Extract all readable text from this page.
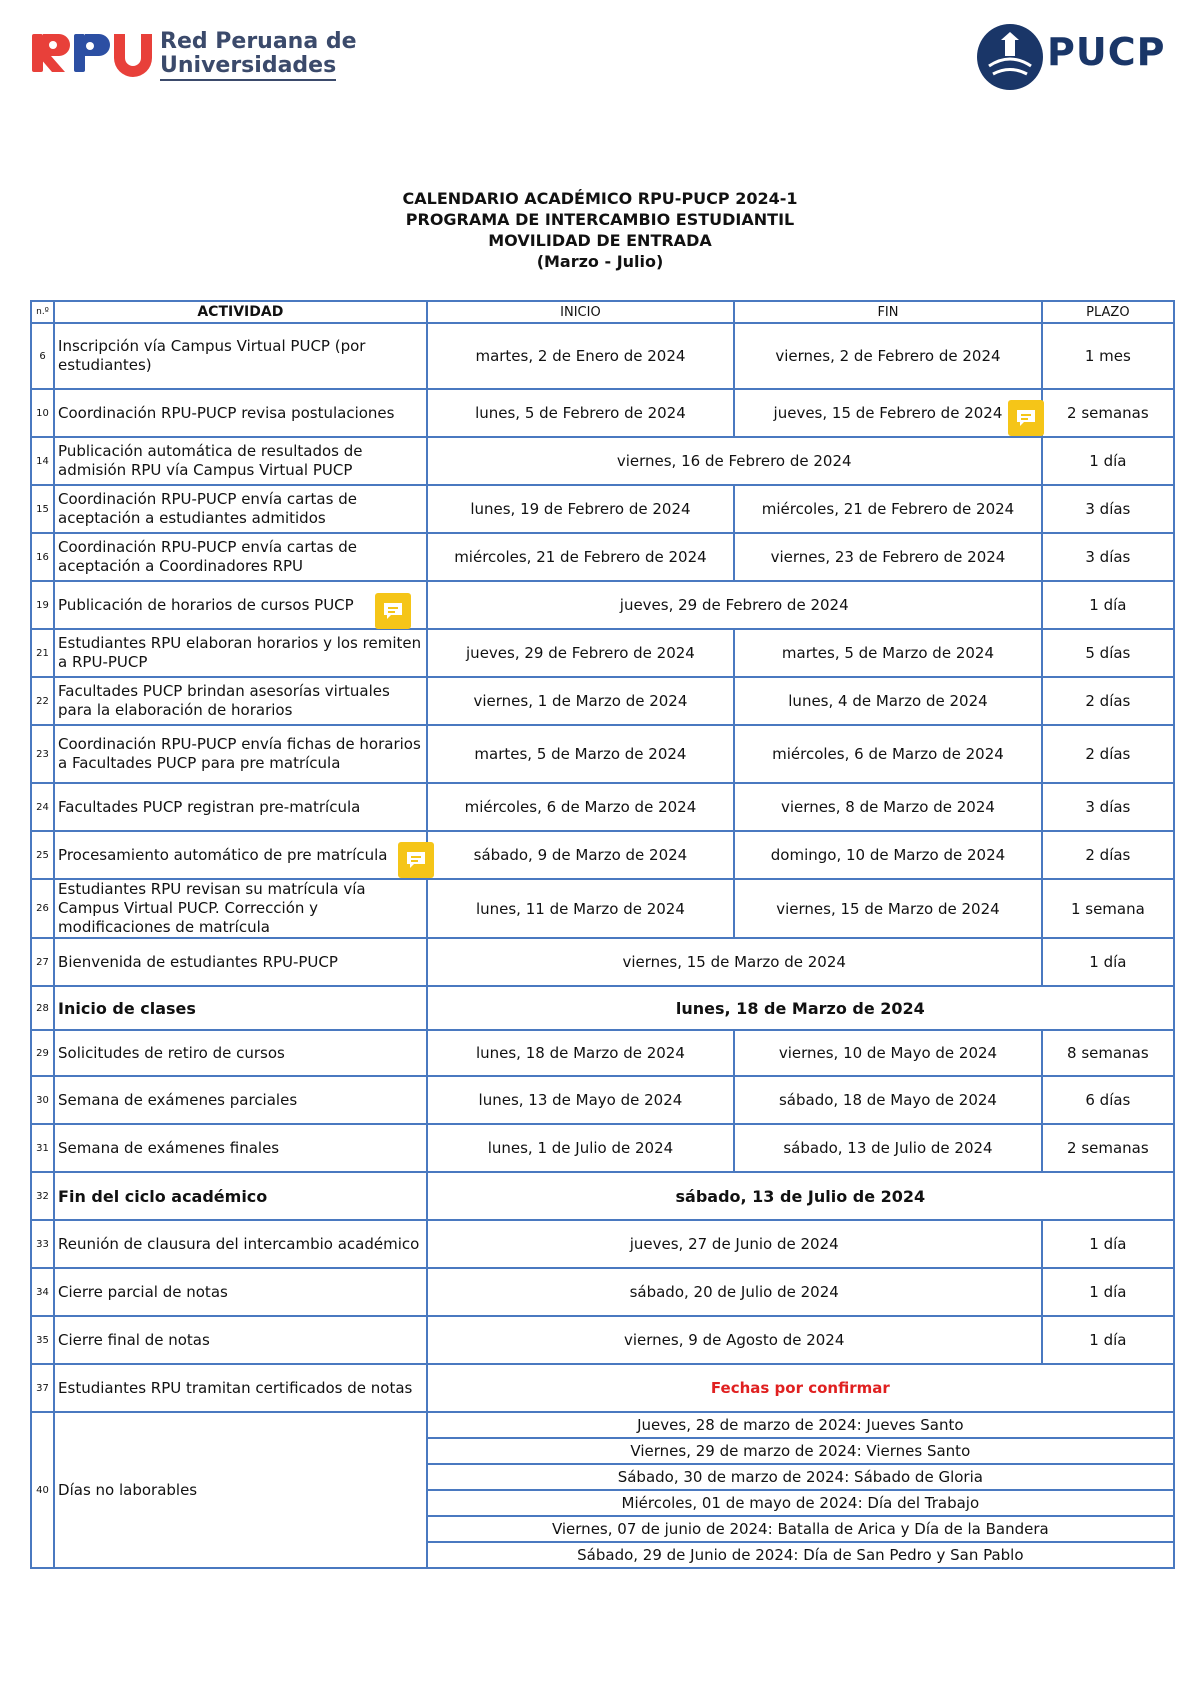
Red Peruana de
Universidades	PUCP
CALENDARIO ACADÉMICO RPU-PUCP 2024-1
PROGRAMA DE INTERCAMBIO ESTUDIANTIL
MOVILIDAD DE ENTRADA
(Marzo - Julio)
n.º	ACTIVIDAD	INICIO	FIN	PLAZO
6	Inscripción vía Campus Virtual PUCP (por estudiantes)	martes, 2 de Enero de 2024	viernes, 2 de Febrero de 2024	1 mes
10	Coordinación RPU-PUCP revisa postulaciones	lunes, 5 de Febrero de 2024	jueves, 15 de Febrero de 2024	2 semanas
14	Publicación automática de resultados de admisión RPU vía Campus Virtual PUCP	viernes, 16 de Febrero de 2024		1 día
15	Coordinación RPU-PUCP envía cartas de aceptación a estudiantes admitidos	lunes, 19 de Febrero de 2024	miércoles, 21 de Febrero de 2024	3 días
16	Coordinación RPU-PUCP envía cartas de aceptación a Coordinadores RPU	miércoles, 21 de Febrero de 2024	viernes, 23 de Febrero de 2024	3 días
19	Publicación de horarios de cursos PUCP	jueves, 29 de Febrero de 2024		1 día
21	Estudiantes RPU elaboran horarios y los remiten a RPU-PUCP	jueves, 29 de Febrero de 2024	martes, 5 de Marzo de 2024	5 días
22	Facultades PUCP brindan asesorías virtuales para la elaboración de horarios	viernes, 1 de Marzo de 2024	lunes, 4 de Marzo de 2024	2 días
23	Coordinación RPU-PUCP envía fichas de horarios a Facultades PUCP para pre matrícula	martes, 5 de Marzo de 2024	miércoles, 6 de Marzo de 2024	2 días
24	Facultades PUCP registran pre-matrícula	miércoles, 6 de Marzo de 2024	viernes, 8 de Marzo de 2024	3 días
25	Procesamiento automático de pre matrícula	sábado, 9 de Marzo de 2024	domingo, 10 de Marzo de 2024	2 días
26	Estudiantes RPU revisan su matrícula vía Campus Virtual PUCP. Corrección y modificaciones de matrícula	lunes, 11 de Marzo de 2024	viernes, 15 de Marzo de 2024	1 semana
27	Bienvenida de estudiantes RPU-PUCP	viernes, 15 de Marzo de 2024		1 día
28	Inicio de clases	lunes, 18 de Marzo de 2024		
29	Solicitudes de retiro de cursos	lunes, 18 de Marzo de 2024	viernes, 10 de Mayo de 2024	8 semanas
30	Semana de exámenes parciales	lunes, 13 de Mayo de 2024	sábado, 18 de Mayo de 2024	6 días
31	Semana de exámenes finales	lunes, 1 de Julio de 2024	sábado, 13 de Julio de 2024	2 semanas
32	Fin del ciclo académico	sábado, 13 de Julio de 2024		
33	Reunión de clausura del intercambio académico	jueves, 27 de Junio de 2024		1 día
34	Cierre parcial de notas	sábado, 20 de Julio de 2024		1 día
35	Cierre final de notas	viernes, 9 de Agosto de 2024		1 día
37	Estudiantes RPU tramitan certificados de notas	Fechas por confirmar		
40	Días no laborables	Jueves, 28 de marzo de 2024: Jueves Santo		
		Viernes, 29 de marzo de 2024: Viernes Santo		
		Sábado, 30 de marzo de 2024: Sábado de Gloria		
		Miércoles, 01 de mayo de 2024: Día del Trabajo		
		Viernes, 07 de junio de 2024: Batalla de Arica y Día de la Bandera		
		Sábado, 29 de Junio de 2024: Día de San Pedro y San Pablo		
